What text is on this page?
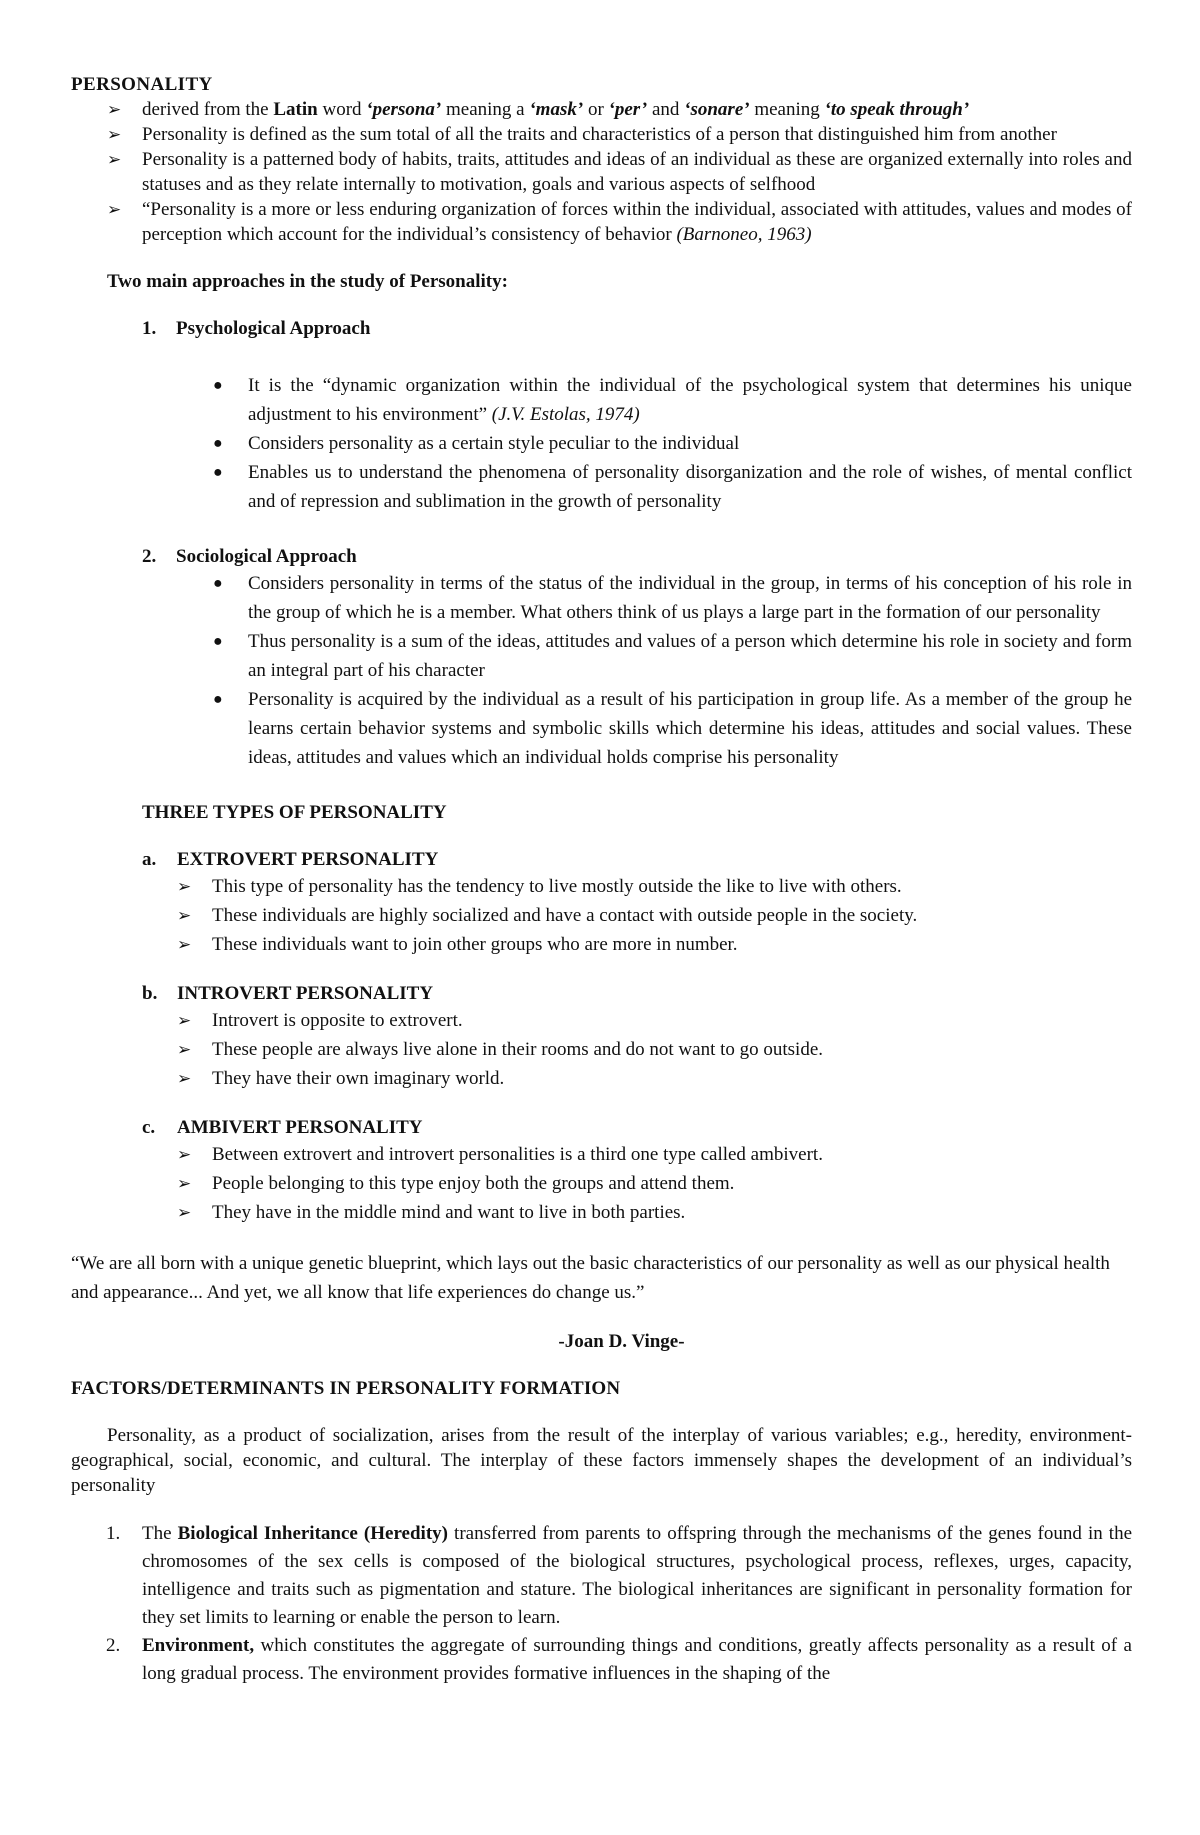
PERSONALITY

➢ derived from the Latin word ‘persona’ meaning a ‘mask’ or ‘per’ and ‘sonare’ meaning ‘to speak through’
➢ Personality is defined as the sum total of all the traits and characteristics of a person that distinguished him from another
➢ Personality is a patterned body of habits, traits, attitudes and ideas of an individual as these are organized externally into roles and statuses and as they relate internally to motivation, goals and various aspects of selfhood
➢ “Personality is a more or less enduring organization of forces within the individual, associated with attitudes, values and modes of perception which account for the individual’s consistency of behavior (Barnoneo, 1963)

Two main approaches in the study of Personality:

1. Psychological Approach

● It is the “dynamic organization within the individual of the psychological system that determines his unique adjustment to his environment” (J.V. Estolas, 1974)
● Considers personality as a certain style peculiar to the individual
● Enables us to understand the phenomena of personality disorganization and the role of wishes, of mental conflict and of repression and sublimation in the growth of personality

2. Sociological Approach

● Considers personality in terms of the status of the individual in the group, in terms of his conception of his role in the group of which he is a member. What others think of us plays a large part in the formation of our personality
● Thus personality is a sum of the ideas, attitudes and values of a person which determine his role in society and form an integral part of his character
● Personality is acquired by the individual as a result of his participation in group life. As a member of the group he learns certain behavior systems and symbolic skills which determine his ideas, attitudes and social values. These ideas, attitudes and values which an individual holds comprise his personality

THREE TYPES OF PERSONALITY

a. EXTROVERT PERSONALITY

➢ This type of personality has the tendency to live mostly outside the like to live with others.
➢ These individuals are highly socialized and have a contact with outside people in the society.
➢ These individuals want to join other groups who are more in number.

b. INTROVERT PERSONALITY

➢ Introvert is opposite to extrovert.
➢ These people are always live alone in their rooms and do not want to go outside.
➢ They have their own imaginary world.

c. AMBIVERT PERSONALITY

➢ Between extrovert and introvert personalities is a third one type called ambivert.
➢ People belonging to this type enjoy both the groups and attend them.
➢ They have in the middle mind and want to live in both parties.

“We are all born with a unique genetic blueprint, which lays out the basic characteristics of our personality as well as our physical health and appearance... And yet, we all know that life experiences do change us.”

-Joan D. Vinge-

FACTORS/DETERMINANTS IN PERSONALITY FORMATION

Personality, as a product of socialization, arises from the result of the interplay of various variables; e.g., heredity, environment-geographical, social, economic, and cultural. The interplay of these factors immensely shapes the development of an individual’s personality

1. The Biological Inheritance (Heredity) transferred from parents to offspring through the mechanisms of the genes found in the chromosomes of the sex cells is composed of the biological structures, psychological process, reflexes, urges, capacity, intelligence and traits such as pigmentation and stature. The biological inheritances are significant in personality formation for they set limits to learning or enable the person to learn.
2. Environment, which constitutes the aggregate of surrounding things and conditions, greatly affects personality as a result of a long gradual process. The environment provides formative influences in the shaping of the
